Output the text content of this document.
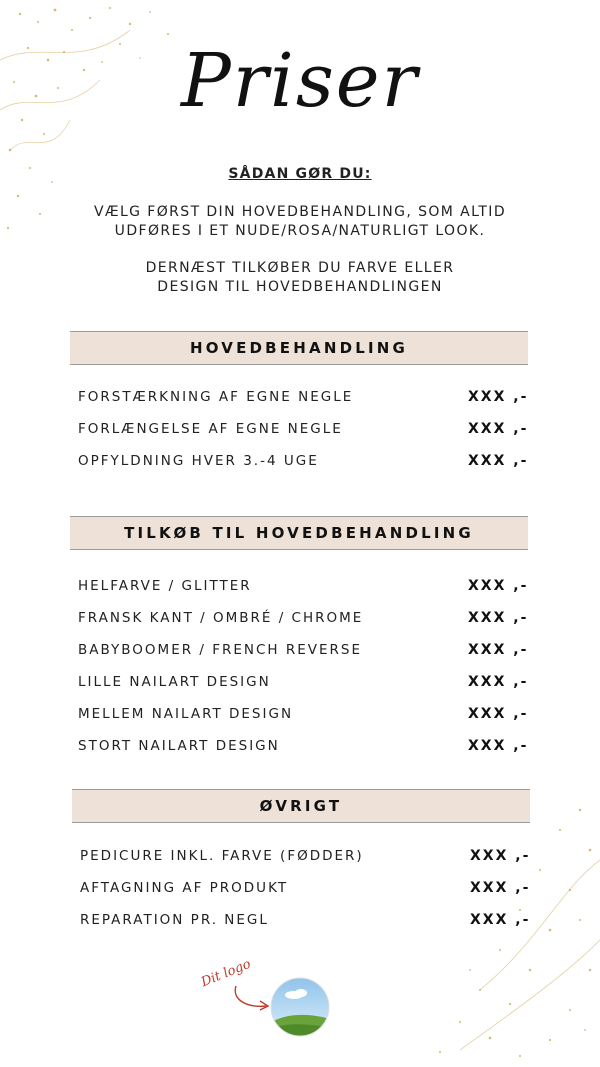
Priser
SÅDAN GØR DU:
VÆLG FØRST DIN HOVEDBEHANDLING, SOM ALTID
UDFØRES I ET NUDE/ROSA/NATURLIGT LOOK.
DERNÆST TILKØBER DU FARVE ELLER
DESIGN TIL HOVEDBEHANDLINGEN
HOVEDBEHANDLING
FORSTÆRKNING AF EGNE NEGLE	XXX ,-
FORLÆNGELSE AF EGNE NEGLE	XXX ,-
OPFYLDNING HVER 3.-4 UGE	XXX ,-
TILKØB TIL HOVEDBEHANDLING
HELFARVE / GLITTER	XXX ,-
FRANSK KANT / OMBRÉ / CHROME	XXX ,-
BABYBOOMER / FRENCH REVERSE	XXX ,-
LILLE NAILART DESIGN	XXX ,-
MELLEM NAILART DESIGN	XXX ,-
STORT NAILART DESIGN	XXX ,-
ØVRIGT
PEDICURE INKL. FARVE (FØDDER)	XXX ,-
AFTAGNING AF PRODUKT	XXX ,-
REPARATION PR. NEGL	XXX ,-
Dit logo
